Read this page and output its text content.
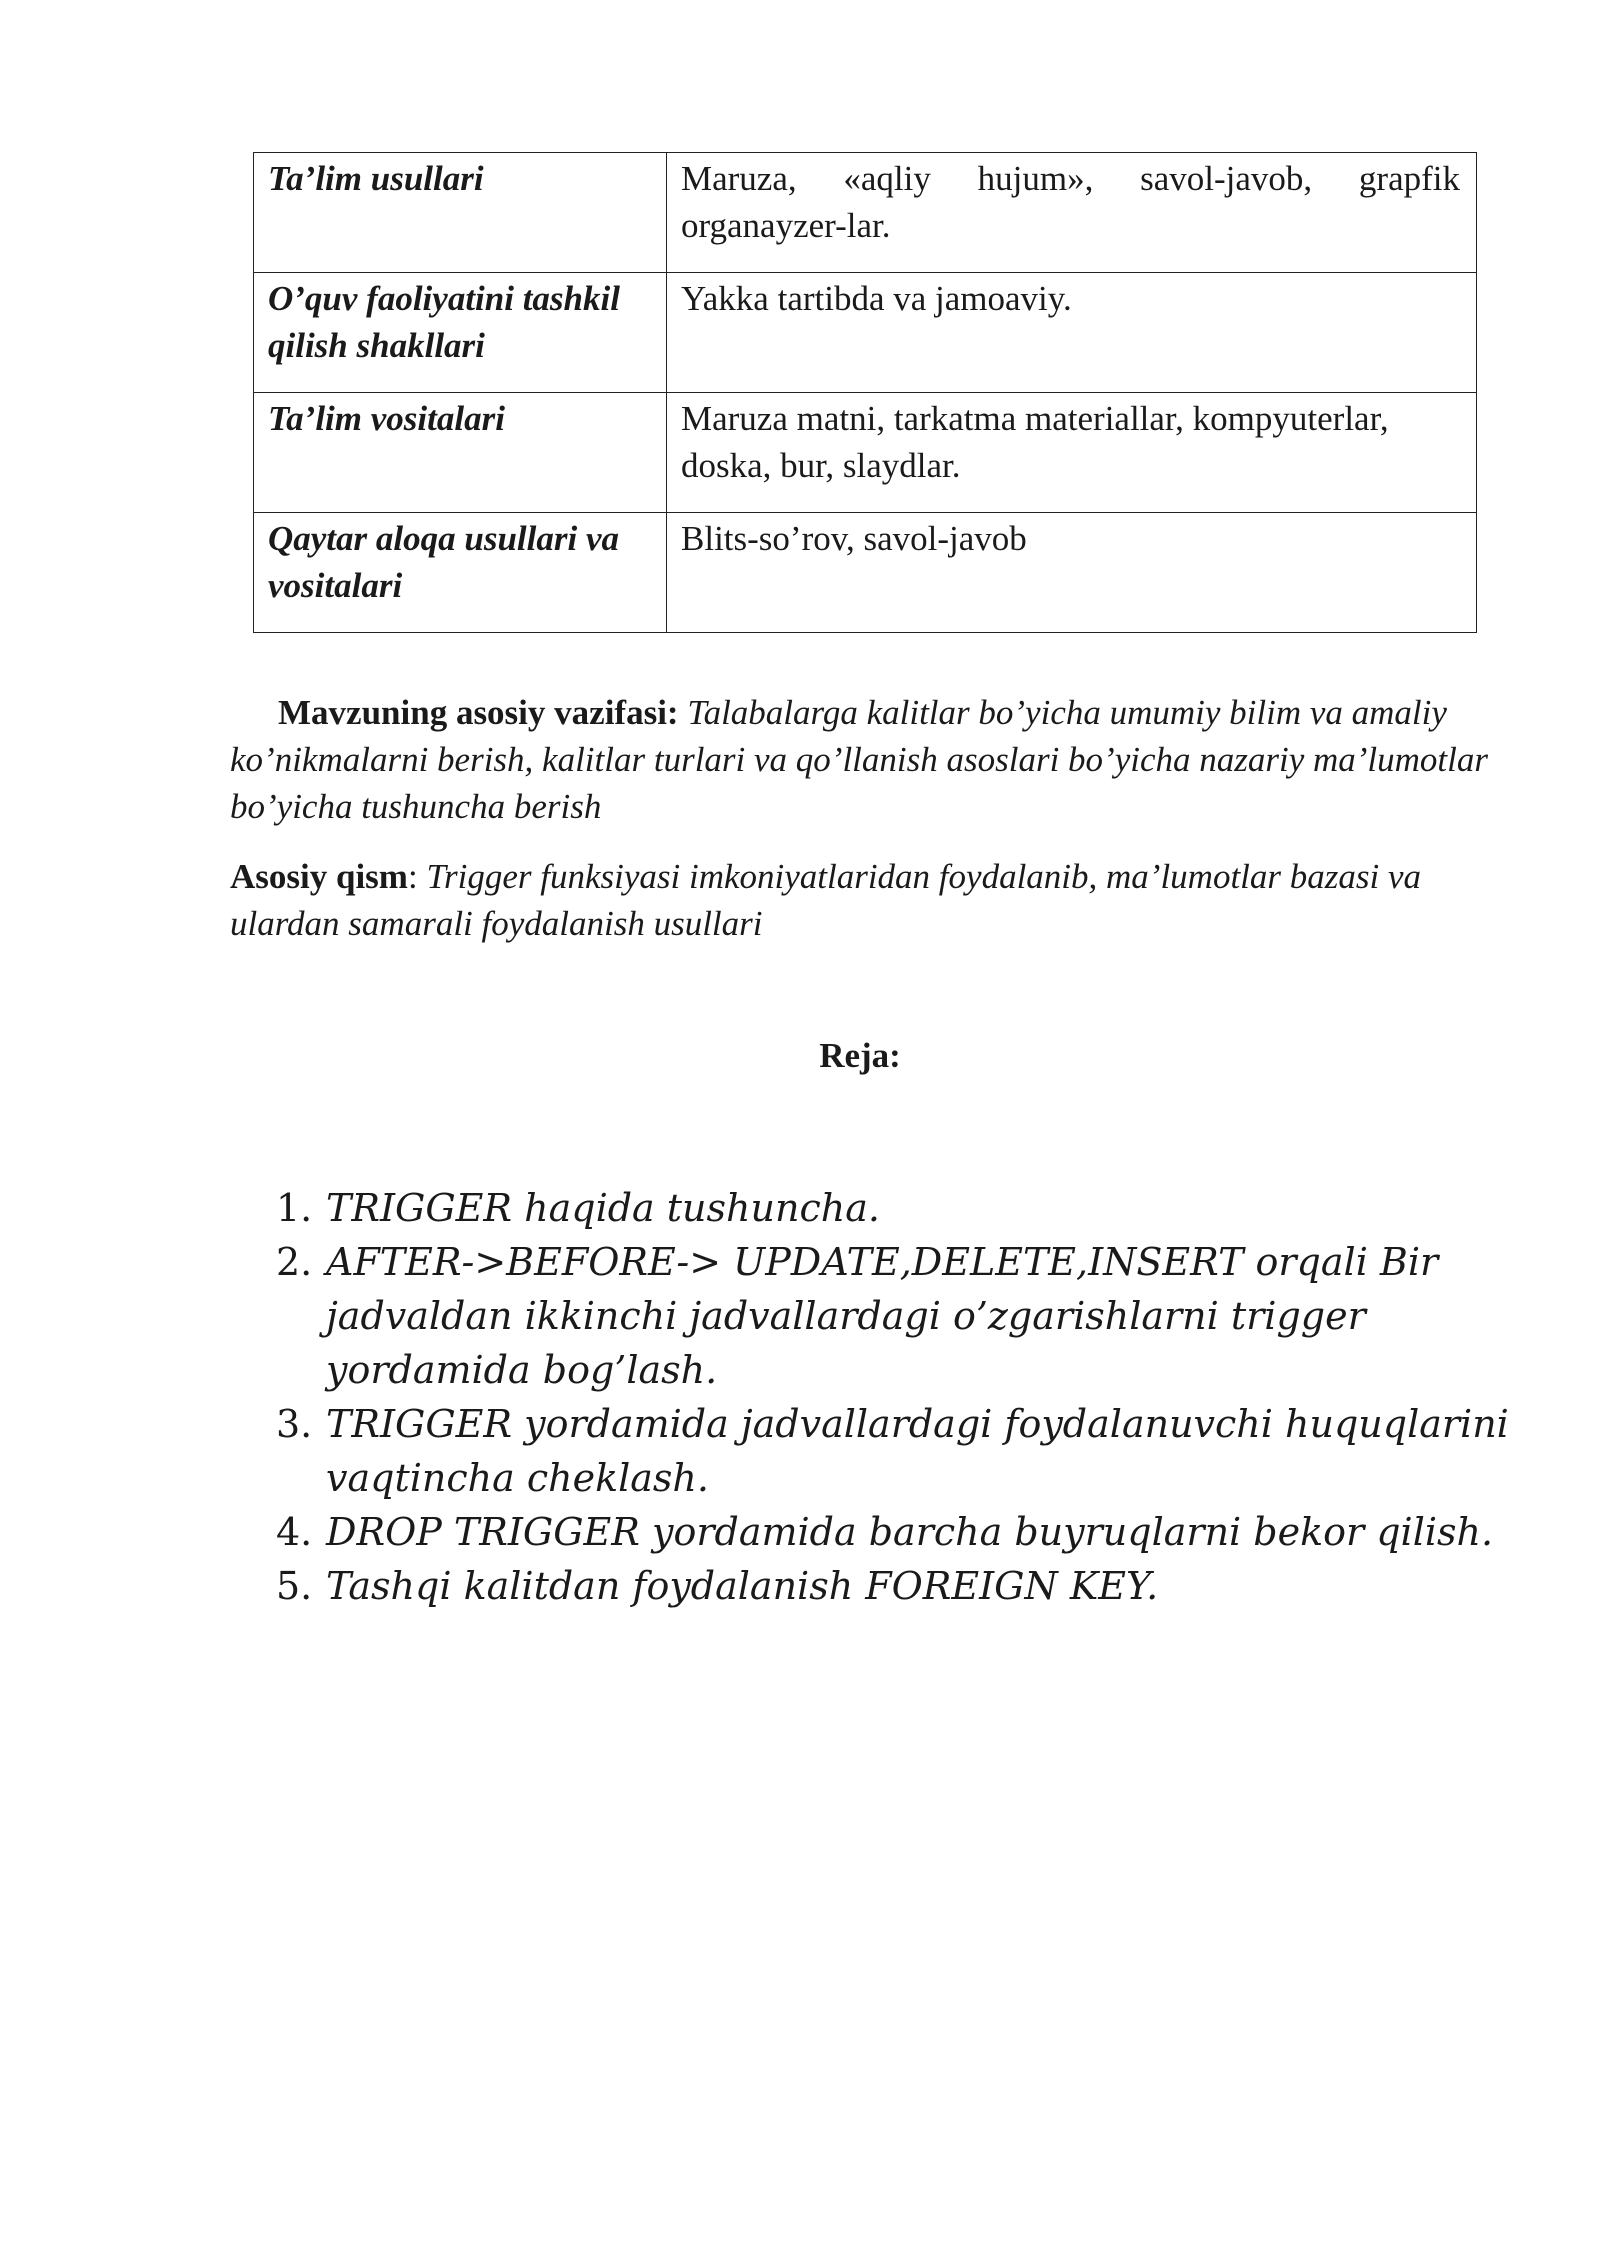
Ta’lim usullari	Maruza, «aqliy hujum», savol-javob, grapfik organayzer-lar.
O’quv faoliyatini tashkil qilish shakllari	Yakka tartibda va jamoaviy.
Ta’lim vositalari	Maruza matni, tarkatma materiallar, kompyuterlar, doska, bur, slaydlar.
Qaytar aloqa usullari va vositalari	Blits-so’rov, savol-javob
Mavzuning asosiy vazifasi: Talabalarga kalitlar bo’yicha umumiy bilim va amaliy ko’nikmalarni berish, kalitlar turlari va qo’llanish asoslari bo’yicha nazariy ma’lumotlar bo’yicha tushuncha berish
Asosiy qism: Trigger funksiyasi imkoniyatlaridan foydalanib, ma’lumotlar bazasi va ulardan samarali foydalanish usullari
Reja:
1. TRIGGER haqida tushuncha.
2. AFTER->BEFORE-> UPDATE,DELETE,INSERT orqali Bir jadvaldan ikkinchi jadvallardagi o’zgarishlarni trigger yordamida bog’lash.
3. TRIGGER yordamida jadvallardagi foydalanuvchi huquqlarini vaqtincha cheklash.
4. DROP TRIGGER yordamida barcha buyruqlarni bekor qilish.
5. Tashqi kalitdan foydalanish FOREIGN KEY.
